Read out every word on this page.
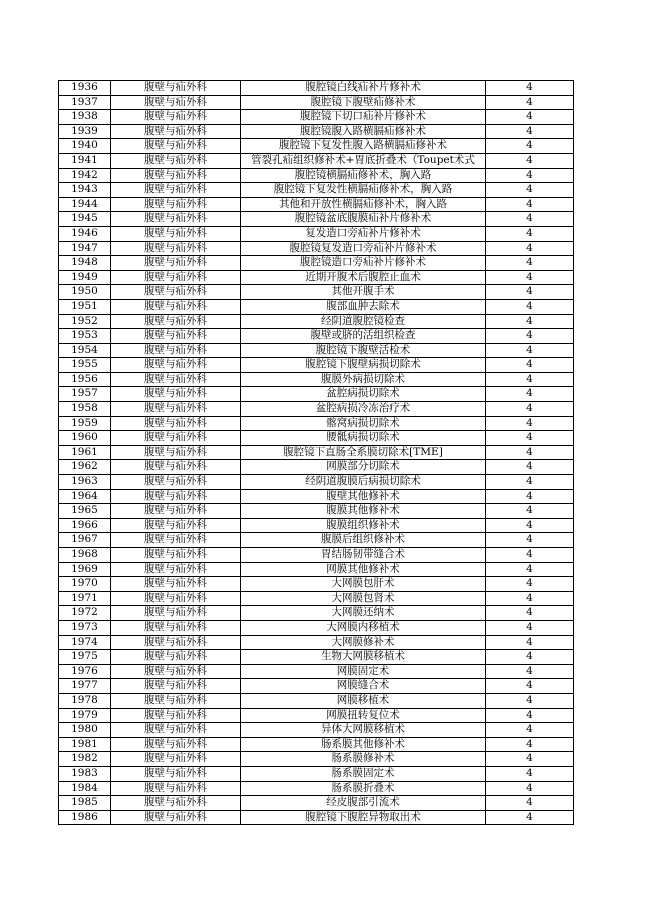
1936	腹壁与疝外科	腹腔镜白线疝补片修补术	4
1937	腹壁与疝外科	腹腔镜下腹壁疝修补术	4
1938	腹壁与疝外科	腹腔镜下切口疝补片修补术	4
1939	腹壁与疝外科	腹腔镜腹入路横膈疝修补术	4
1940	腹壁与疝外科	腹腔镜下复发性腹入路横膈疝修补术	4
1941	腹壁与疝外科	管裂孔疝组织修补术+胃底折叠术（Toupet术式	4
1942	腹壁与疝外科	腹腔镜横膈疝修补术，胸入路	4
1943	腹壁与疝外科	腹腔镜下复发性横膈疝修补术，胸入路	4
1944	腹壁与疝外科	其他和开放性横膈疝修补术，胸入路	4
1945	腹壁与疝外科	腹腔镜盆底腹膜疝补片修补术	4
1946	腹壁与疝外科	复发造口旁疝补片修补术	4
1947	腹壁与疝外科	腹腔镜复发造口旁疝补片修补术	4
1948	腹壁与疝外科	腹腔镜造口旁疝补片修补术	4
1949	腹壁与疝外科	近期开腹术后腹腔止血术	4
1950	腹壁与疝外科	其他开腹手术	4
1951	腹壁与疝外科	腹部血肿去除术	4
1952	腹壁与疝外科	经阴道腹腔镜检查	4
1953	腹壁与疝外科	腹壁或脐的活组织检查	4
1954	腹壁与疝外科	腹腔镜下腹壁活检术	4
1955	腹壁与疝外科	腹腔镜下腹壁病损切除术	4
1956	腹壁与疝外科	腹膜外病损切除术	4
1957	腹壁与疝外科	盆腔病损切除术	4
1958	腹壁与疝外科	盆腔病损冷冻治疗术	4
1959	腹壁与疝外科	髂窝病损切除术	4
1960	腹壁与疝外科	腰骶病损切除术	4
1961	腹壁与疝外科	腹腔镜下直肠全系膜切除术[TME]	4
1962	腹壁与疝外科	网膜部分切除术	4
1963	腹壁与疝外科	经阴道腹膜后病损切除术	4
1964	腹壁与疝外科	腹壁其他修补术	4
1965	腹壁与疝外科	腹膜其他修补术	4
1966	腹壁与疝外科	腹膜组织修补术	4
1967	腹壁与疝外科	腹膜后组织修补术	4
1968	腹壁与疝外科	胃结肠韧带缝合术	4
1969	腹壁与疝外科	网膜其他修补术	4
1970	腹壁与疝外科	大网膜包肝术	4
1971	腹壁与疝外科	大网膜包肾术	4
1972	腹壁与疝外科	大网膜还纳术	4
1973	腹壁与疝外科	大网膜内移植术	4
1974	腹壁与疝外科	大网膜修补术	4
1975	腹壁与疝外科	生物大网膜移植术	4
1976	腹壁与疝外科	网膜固定术	4
1977	腹壁与疝外科	网膜缝合术	4
1978	腹壁与疝外科	网膜移植术	4
1979	腹壁与疝外科	网膜扭转复位术	4
1980	腹壁与疝外科	异体大网膜移植术	4
1981	腹壁与疝外科	肠系膜其他修补术	4
1982	腹壁与疝外科	肠系膜修补术	4
1983	腹壁与疝外科	肠系膜固定术	4
1984	腹壁与疝外科	肠系膜折叠术	4
1985	腹壁与疝外科	经皮腹部引流术	4
1986	腹壁与疝外科	腹腔镜下腹腔异物取出术	4
